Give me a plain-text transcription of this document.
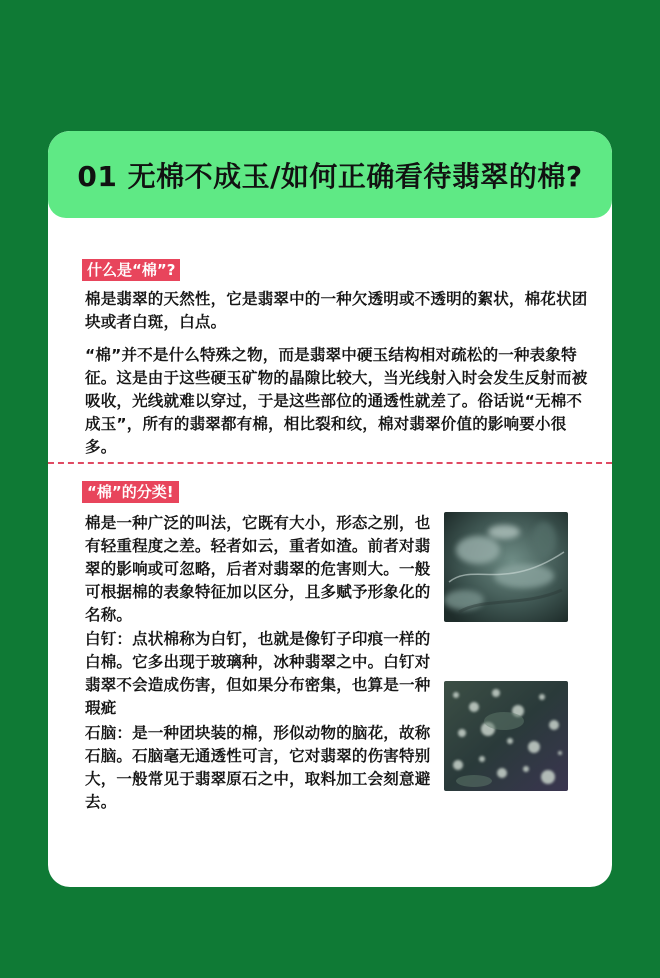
01 无棉不成玉/如何正确看待翡翠的棉?
什么是“棉”?

棉是翡翠的天然性，它是翡翠中的一种欠透明或不透明的絮状，棉花状团块或者白斑，白点。

“棉”并不是什么特殊之物，而是翡翠中硬玉结构相对疏松的一种表象特征。这是由于这些硬玉矿物的晶隙比较大，当光线射入时会发生反射而被吸收，光线就难以穿过，于是这些部位的通透性就差了。俗话说“无棉不成玉”，所有的翡翠都有棉，相比裂和纹，棉对翡翠价值的影响要小很多。

“棉”的分类!

棉是一种广泛的叫法，它既有大小，形态之别，也有轻重程度之差。轻者如云，重者如渣。前者对翡翠的影响或可忽略，后者对翡翠的危害则大。一般可根据棉的表象特征加以区分，且多赋予形象化的名称。

白钉：点状棉称为白钉，也就是像钉子印痕一样的白棉。它多出现于玻璃种，冰种翡翠之中。白钉对翡翠不会造成伤害，但如果分布密集，也算是一种瑕疵

石脑：是一种团块装的棉，形似动物的脑花，故称石脑。石脑毫无通透性可言，它对翡翠的伤害特别大，一般常见于翡翠原石之中，取料加工会刻意避去。
